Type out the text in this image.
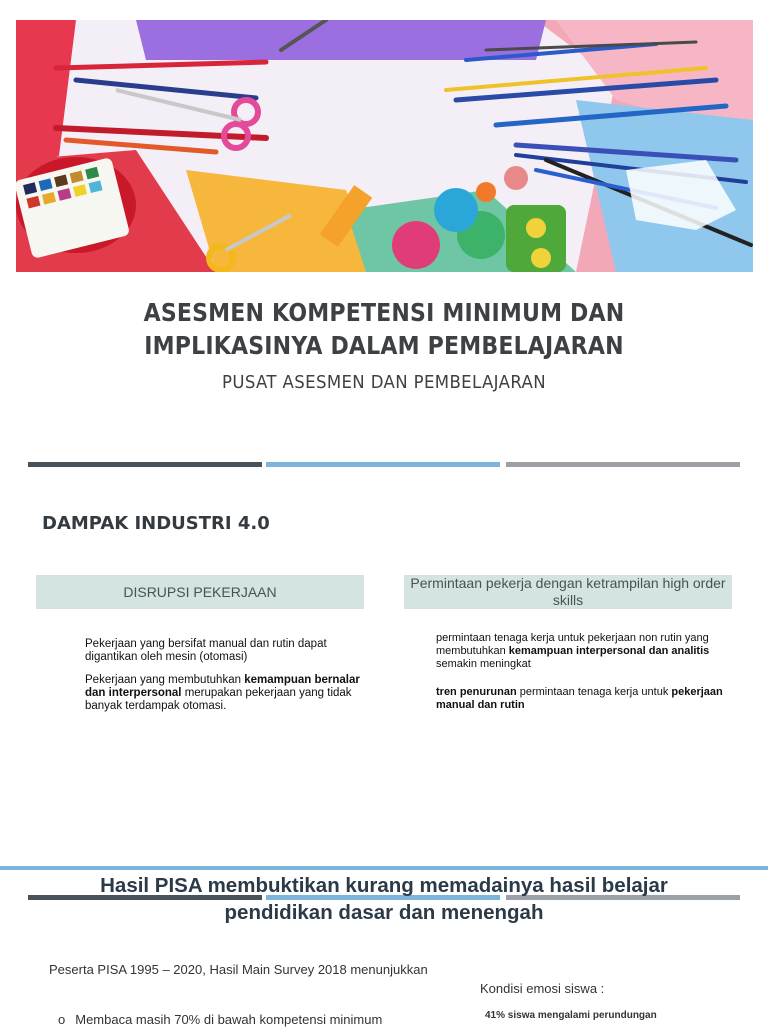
ASESMEN KOMPETENSI MINIMUM DAN
IMPLIKASINYA DALAM PEMBELAJARAN
PUSAT ASESMEN DAN PEMBELAJARAN
DAMPAK INDUSTRI 4.0
DISRUPSI PEKERJAAN
Permintaan pekerja dengan ketrampilan high order skills
Pekerjaan yang bersifat manual dan rutin dapat digantikan oleh mesin (otomasi)
Pekerjaan yang membutuhkan kemampuan bernalar dan interpersonal merupakan pekerjaan yang tidak banyak terdampak otomasi.
permintaan tenaga kerja untuk pekerjaan non rutin yang membutuhkan kemampuan interpersonal dan analitis semakin meningkat
tren penurunan permintaan tenaga kerja untuk pekerjaan manual dan rutin
Hasil PISA membuktikan kurang memadainya hasil belajar
pendidikan dasar dan menengah
Peserta PISA 1995 – 2020, Hasil Main Survey 2018 menunjukkan
Kondisi emosi siswa :
41% siswa mengalami perundungan
o Membaca masih 70% di bawah kompetensi minimum
